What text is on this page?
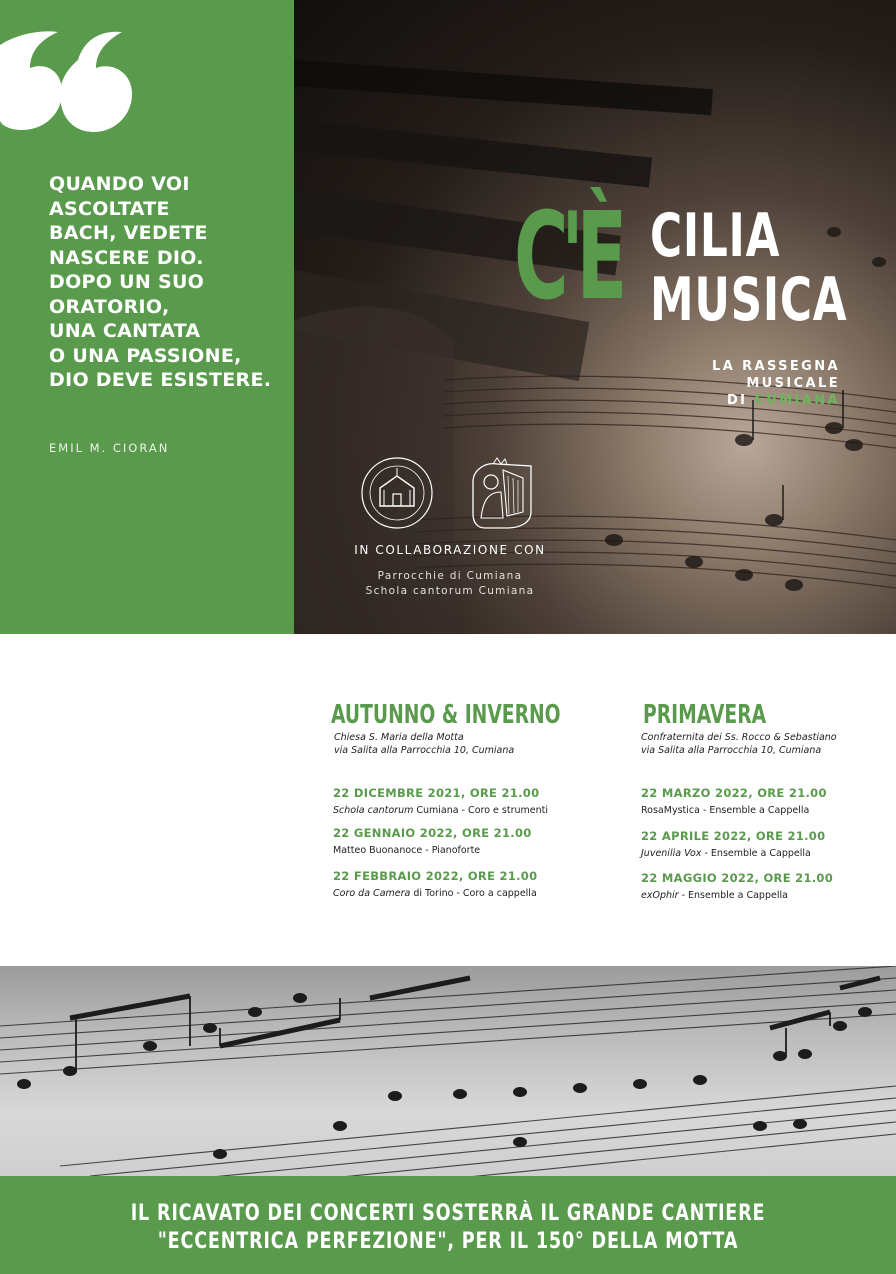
QUANDO VOI
ASCOLTATE
BACH, VEDETE
NASCERE DIO.
DOPO UN SUO
ORATORIO,
UNA CANTATA
O UNA PASSIONE,
DIO DEVE ESISTERE.
EMIL M. CIORAN
C'È CILIA
MUSICA
LA RASSEGNA
MUSICALE
DI CUMIANA
IN COLLABORAZIONE CON
Parrocchie di Cumiana
Schola cantorum Cumiana
AUTUNNO & INVERNO
Chiesa S. Maria della Motta
via Salita alla Parrocchia 10, Cumiana
22 DICEMBRE 2021, ORE 21.00
Schola cantorum Cumiana - Coro e strumenti
22 GENNAIO 2022, ORE 21.00
Matteo Buonanoce - Pianoforte
22 FEBBRAIO 2022, ORE 21.00
Coro da Camera di Torino - Coro a cappella
PRIMAVERA
Confraternita dei Ss. Rocco & Sebastiano
via Salita alla Parrocchia 10, Cumiana
22 MARZO 2022, ORE 21.00
RosaMystica - Ensemble a Cappella
22 APRILE 2022, ORE 21.00
Juvenilia Vox - Ensemble a Cappella
22 MAGGIO 2022, ORE 21.00
exOphir - Ensemble a Cappella
IL RICAVATO DEI CONCERTI SOSTERRÀ IL GRANDE CANTIERE
"ECCENTRICA PERFEZIONE", PER IL 150° DELLA MOTTA
